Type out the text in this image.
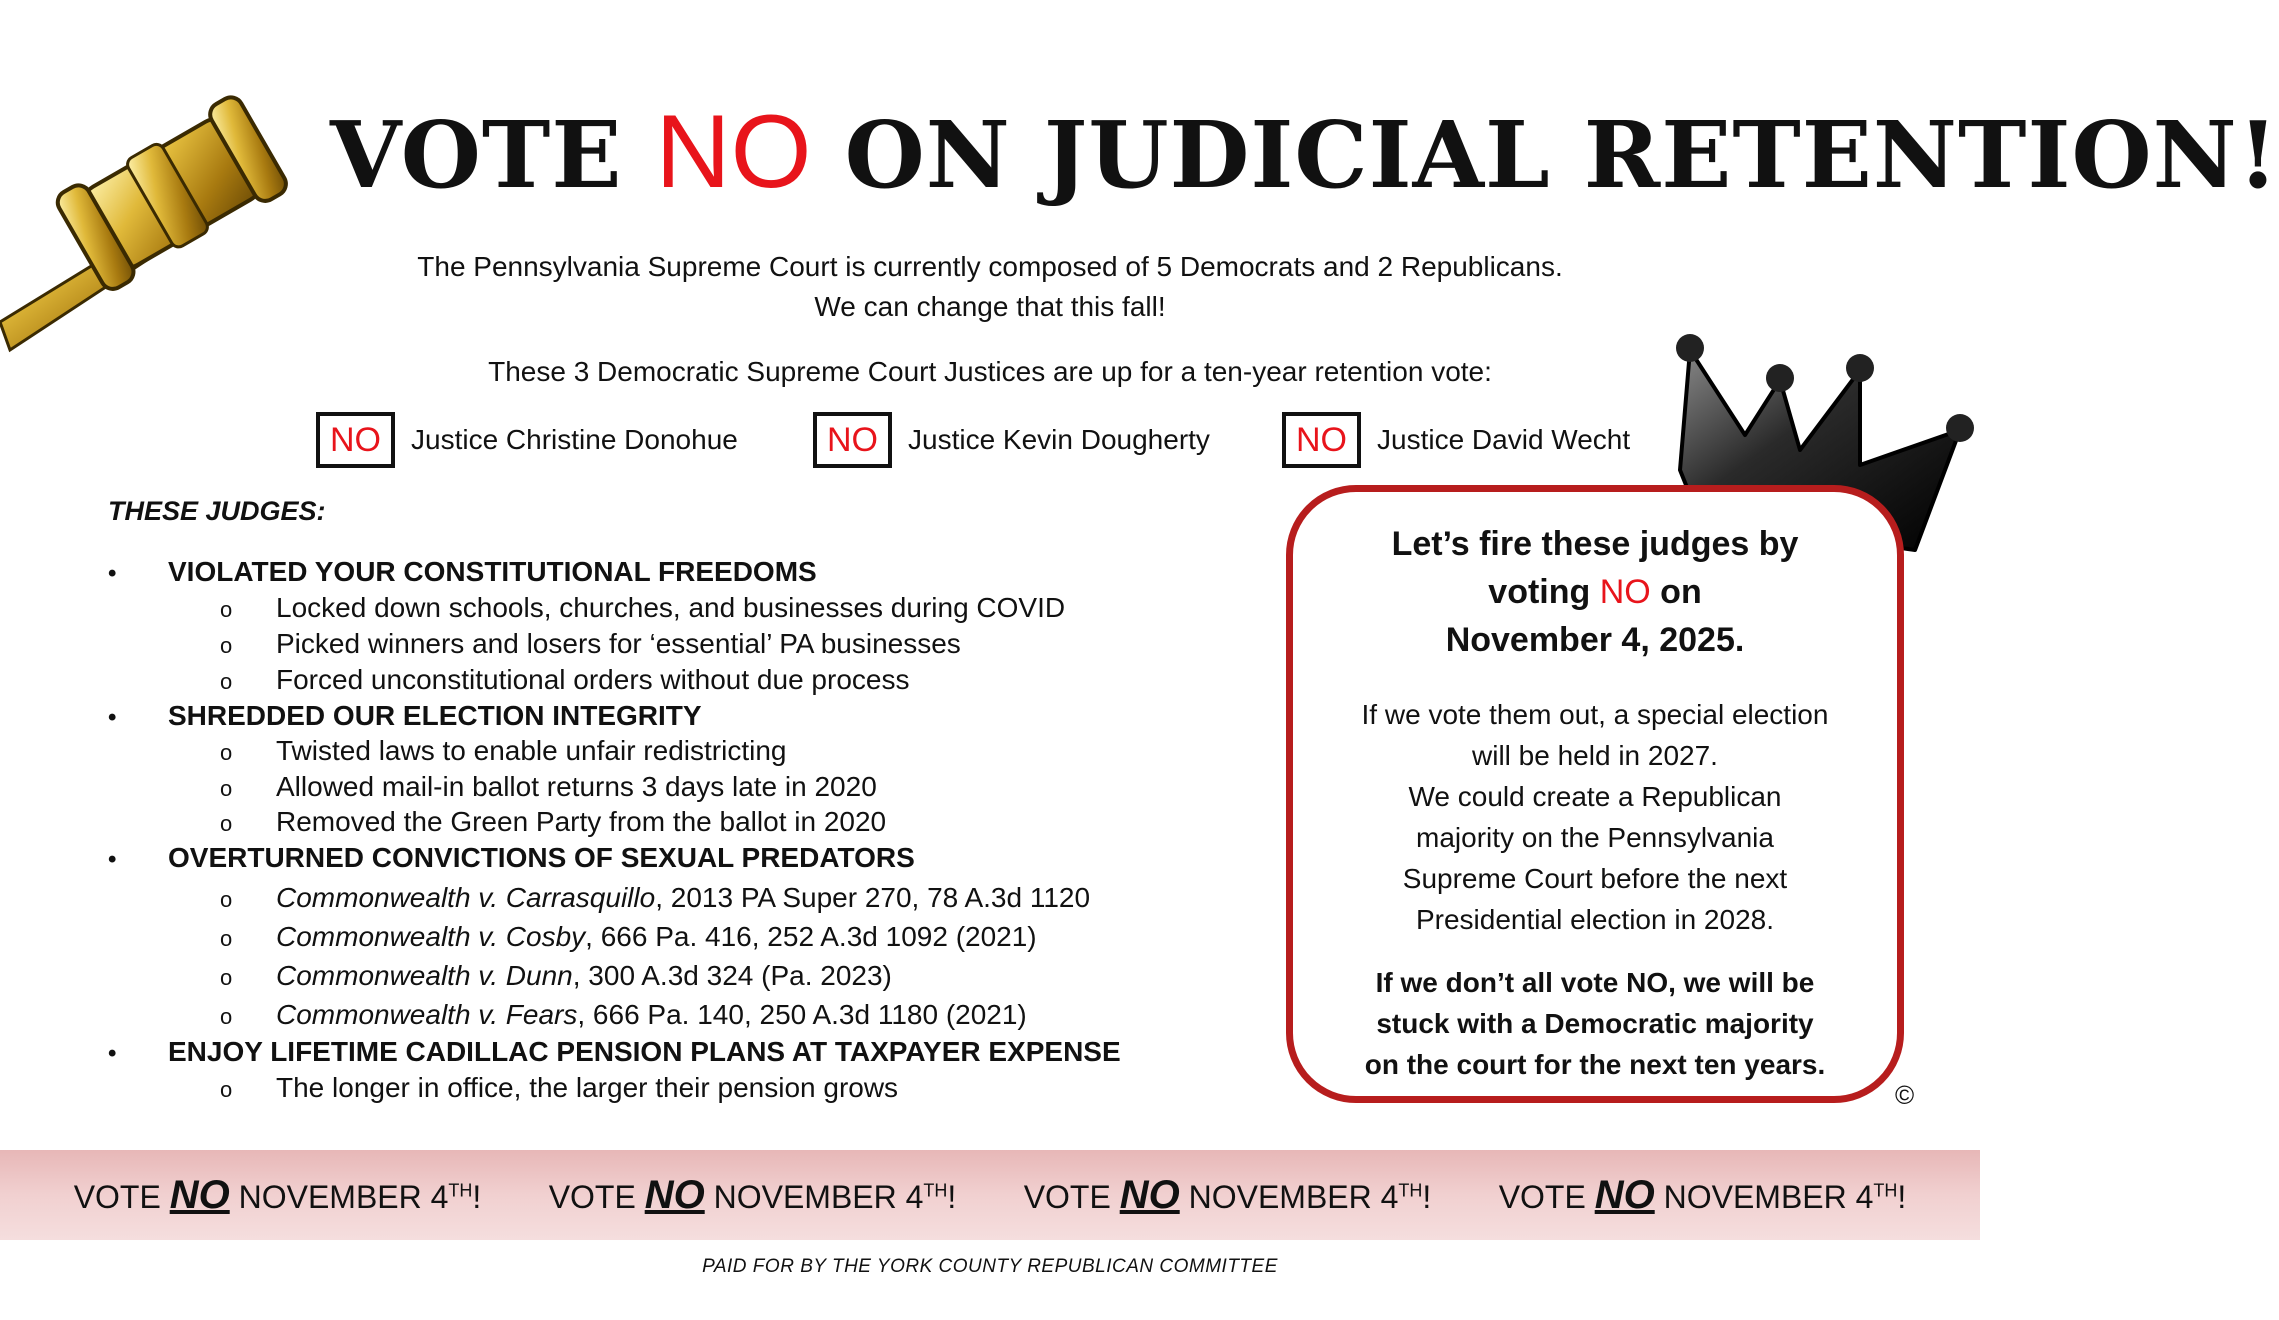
VOTE NO ON JUDICIAL RETENTION!
The Pennsylvania Supreme Court is currently composed of 5 Democrats and 2 Republicans.
We can change that this fall!
These 3 Democratic Supreme Court Justices are up for a ten-year retention vote:
NO	Justice Christine Donohue	NO	Justice Kevin Dougherty	NO	Justice David Wecht
THESE JUDGES:
•	VIOLATED YOUR CONSTITUTIONAL FREEDOMS
o	Locked down schools, churches, and businesses during COVID
o	Picked winners and losers for ‘essential’ PA businesses
o	Forced unconstitutional orders without due process
•	SHREDDED OUR ELECTION INTEGRITY
o	Twisted laws to enable unfair redistricting
o	Allowed mail-in ballot returns 3 days late in 2020
o	Removed the Green Party from the ballot in 2020
•	OVERTURNED CONVICTIONS OF SEXUAL PREDATORS
o	Commonwealth v. Carrasquillo, 2013 PA Super 270, 78 A.3d 1120
o	Commonwealth v. Cosby, 666 Pa. 416, 252 A.3d 1092 (2021)
o	Commonwealth v. Dunn, 300 A.3d 324 (Pa. 2023)
o	Commonwealth v. Fears, 666 Pa. 140, 250 A.3d 1180 (2021)
•	ENJOY LIFETIME CADILLAC PENSION PLANS AT TAXPAYER EXPENSE
o	The longer in office, the larger their pension grows
Let’s fire these judges by
voting NO on
November 4, 2025.
If we vote them out, a special election
will be held in 2027.
We could create a Republican
majority on the Pennsylvania
Supreme Court before the next
Presidential election in 2028.
If we don’t all vote NO, we will be
stuck with a Democratic majority
on the court for the next ten years.
©
VOTE NO NOVEMBER 4TH! VOTE NO NOVEMBER 4TH! VOTE NO NOVEMBER 4TH! VOTE NO NOVEMBER 4TH!
PAID FOR BY THE YORK COUNTY REPUBLICAN COMMITTEE
